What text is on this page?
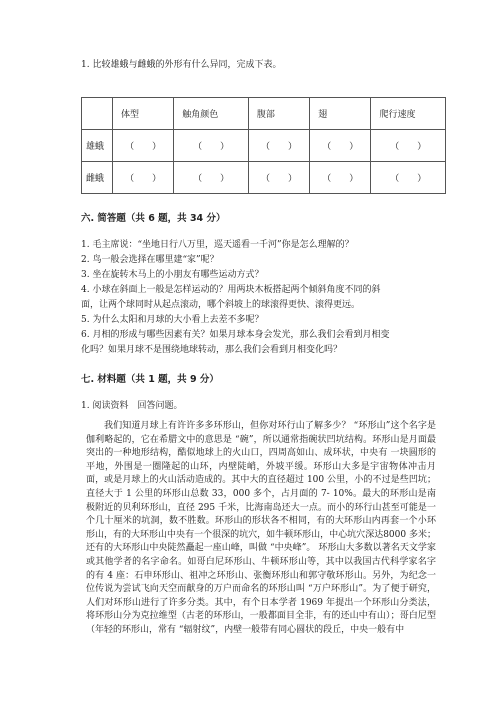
1. 比较雄蛾与雌蛾的外形有什么异同，完成下表。
	体型	触角颜色	腹部	翅	爬行速度
雄蛾	（　　）	（　　）	（　　）	（　　）	（　　）
雌蛾	（　　）	（　　）	（　　）	（　　）	（　　）
六. 简答题（共 6 题，共 34 分）
1. 毛主席说：“坐地日行八万里，巡天遥看一千河”你是怎么理解的？
2. 鸟一般会选择在哪里建“家”呢？
3. 坐在旋转木马上的小朋友有哪些运动方式？
4. 小球在斜面上一般是怎样运动的？用两块木板搭起两个倾斜角度不同的斜
面，让两个球同时从起点滚动，哪个斜坡上的球滚得更快、滚得更远。
5. 为什么太阳和月球的大小看上去差不多呢？
6. 月相的形成与哪些因素有关？如果月球本身会发光，那么我们会看到月相变
化吗？如果月球不是围绕地球转动，那么我们会看到月相变化吗？
七. 材料题（共 1 题，共 9 分）
1. 阅读资料　回答问题。
我们知道月球上有许许多多环形山，但你对环行山了解多少？ “环形山”这个名字是伽利略起的，它在希腊文中的意思是 “碗”，所以通常指碗状凹坑结构。环形山是月面最突出的一种地形结构，酷似地球上的火山口，四周高如山、成环状，中央有 一块圆形的平地，外围是一圈隆起的山环，内壁陡峭，外坡平缓。环形山大多是宇宙物体冲击月面，或是月球上的火山活动造成的。其中大的直径超过 100 公里，小的不过是些凹坑；直径大于 1 公里的环形山总数 33，000 多个，占月面的 7- 10%。最大的环形山是南极附近的贝利环形山，直径 295 千米，比海南岛还大一点。而小的环行山甚至可能是一个几十厘米的坑洞，数不胜数。环形山的形状各不相同，有的大环形山内再套一个小环形山，有的大环形山中央有一个很深的坑穴，如牛顿环形山，中心坑穴深达8000 多米；还有的大环形山中央陡然矗起一座山峰，叫做 “中央峰”。 环形山大多数以著名天文学家或其他学者的名字命名。如哥白尼环形山、牛顿环形山等，其中以我国古代科学家名字的有 4 座：石申环形山、祖冲之环形山、张衡环形山和郭守敬环形山。另外，为纪念一位传说为尝试飞向天空而献身的万户而命名的环形山叫 “万户环形山”。为了便于研究，人们对环形山进行了许多分类。其中，有个日本学者 1969 年提出一个环形山分类法，将环形山分为克拉维型（古老的环形山，一般都面目全非，有的还山中有山）；哥白尼型（年轻的环形山，常有 “辐射纹”，内壁一般带有同心圆状的段丘，中央一般有中
